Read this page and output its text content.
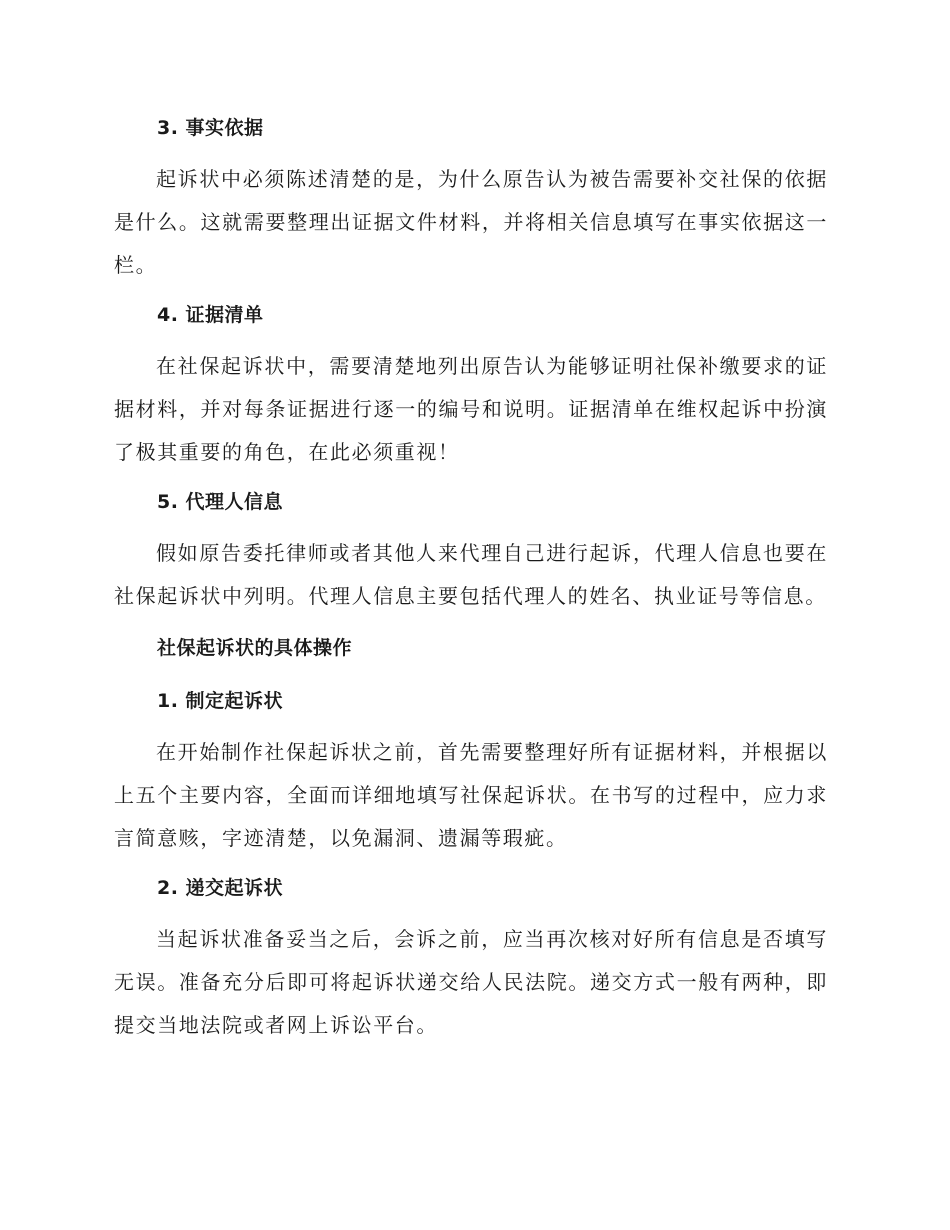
3. 事实依据

起诉状中必须陈述清楚的是，为什么原告认为被告需要补交社保的依据是什么。这就需要整理出证据文件材料，并将相关信息填写在事实依据这一栏。

4. 证据清单

在社保起诉状中，需要清楚地列出原告认为能够证明社保补缴要求的证据材料，并对每条证据进行逐一的编号和说明。证据清单在维权起诉中扮演了极其重要的角色，在此必须重视！

5. 代理人信息

假如原告委托律师或者其他人来代理自己进行起诉，代理人信息也要在社保起诉状中列明。代理人信息主要包括代理人的姓名、执业证号等信息。

社保起诉状的具体操作
1. 制定起诉状

在开始制作社保起诉状之前，首先需要整理好所有证据材料，并根据以上五个主要内容，全面而详细地填写社保起诉状。在书写的过程中，应力求言简意赅，字迹清楚，以免漏洞、遗漏等瑕疵。

2. 递交起诉状

当起诉状准备妥当之后，会诉之前，应当再次核对好所有信息是否填写无误。准备充分后即可将起诉状递交给人民法院。递交方式一般有两种，即提交当地法院或者网上诉讼平台。
